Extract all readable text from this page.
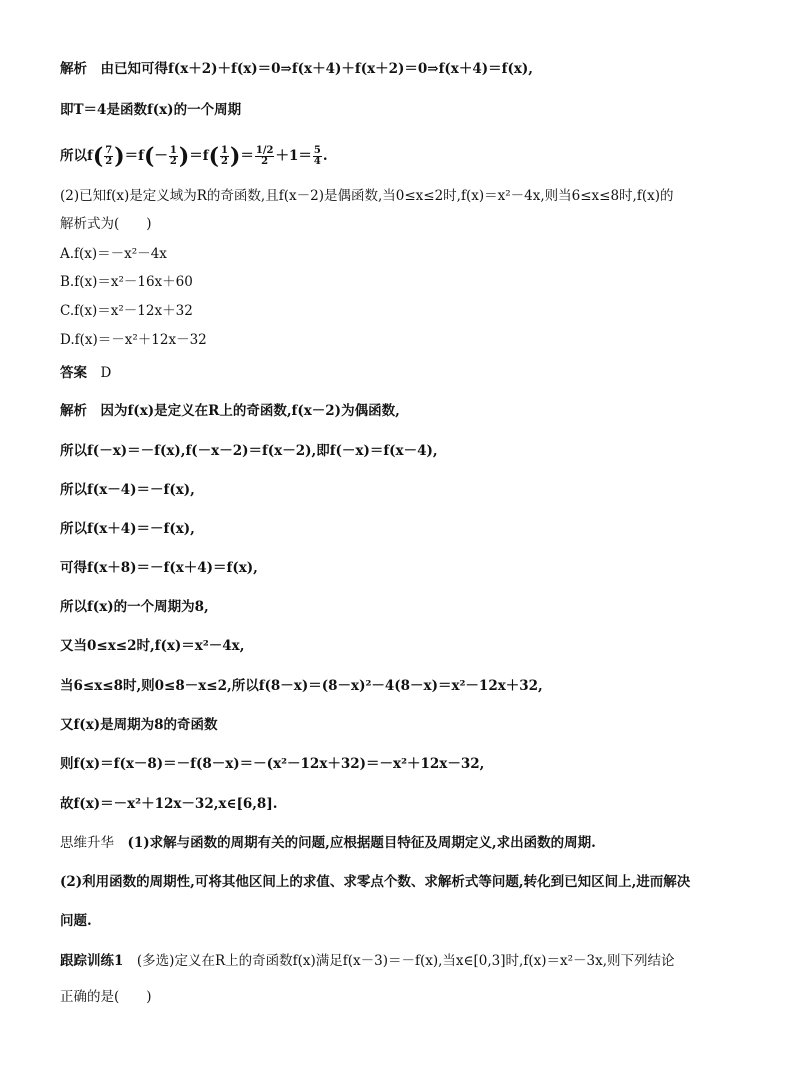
解析　 由已知可得f(x＋2)＋f(x)＝0⇒f(x＋4)＋f(x＋2)＝0⇒f(x＋4)＝f(x),
即T＝4是函数f(x)的一个周期
所以$f( \frac{7}{2} )=f(- \frac{1}{2} )=f( \frac{1}{2}$ )＝ $\frac{1/2}{2} +1= \frac{5}{4}$ .
(2)已知f(x)是定义域为R的奇函数,且f(x－2)是偶函数,当0≤x≤2时,f(x)＝x²－4x,则当6≤x≤8时,f(x)的
解析式为(　　)
A.f(x)＝－x²－4x
B.f(x)＝x²－16x＋60
C.f(x)＝x²－12x＋32
D.f(x)＝－x²＋12x－32
答案　 D
解析　 因为f(x)是定义在R上的奇函数,f(x－2)为偶函数,
所以f(－x)＝－f(x),f(－x－2)＝f(x－2),即f(－x)＝f(x－4),
所以f(x－4)＝－f(x),
所以f(x＋4)＝－f(x),
可得f(x＋8)＝－f(x＋4)＝f(x),
所以f(x)的一个周期为8,
又当0≤x≤2时,f(x)＝x²－4x,
当6≤x≤8时,则0≤8－x≤2,所以f(8－x)＝(8－x)²－4(8－x)＝x²－12x＋32,
又f(x)是周期为8的奇函数
则f(x)＝f(x－8)＝－f(8－x)＝－(x²－12x＋32)＝－x²＋12x－32,
故f(x)＝－x²＋12x－32,x∈[6,8].
思维升华　 (1)求解与函数的周期有关的问题,应根据题目特征及周期定义,求出函数的周期.
(2)利用函数的周期性,可将其他区间上的求值、求零点个数、求解析式等问题,转化到已知区间上,进而解决
问题.
跟踪训练1　 (多选)定义在R上的奇函数f(x)满足f(x－3)＝－f(x),当x∈[0,3]时,f(x)＝x²－3x,则下列结论
正确的是(　　)
